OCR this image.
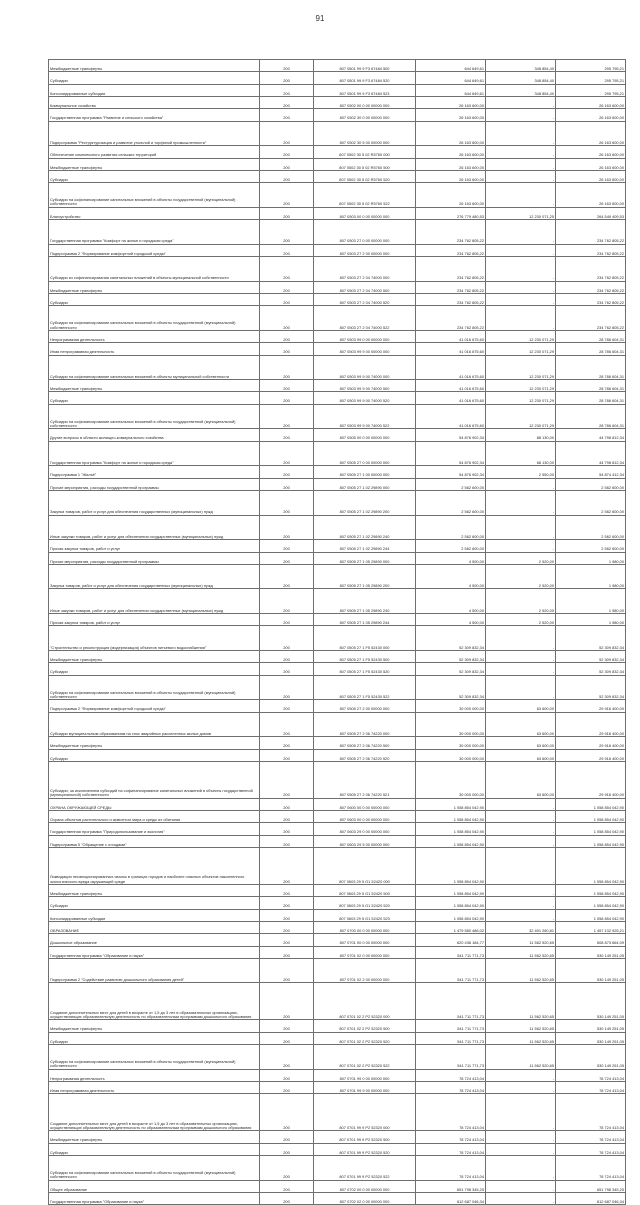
91
Межбюджетные трансферты	200	807 0501 99 9 F3 67484 500	644 649,61	348 854,40	295 795,21
Субсидии	200	807 0501 99 9 F3 67484 520	644 649,61	348 854,40	295 795,21
Консолидированные субсидии	200	807 0501 99 9 F3 67484 523	644 649,61	348 854,40	295 795,21
Коммунальное хозяйство	200	807 0502 00 0 00 00000 000	26 163 600,00	-	26 163 600,00
Государственная программа "Развитие и сельского хозяйства"	200	807 0502 30 0 00 00000 000	26 163 600,00	-	26 163 600,00
Подпрограмма "Реструктуризация и развитие угольной и торфяной промышленности"	200	807 0502 30 5 00 00000 000	26 163 600,00	-	26 163 600,00
Обеспечение комплексного развития сельских территорий	200	807 0502 30 5 02 R5760 000	26 163 600,00	-	26 163 600,00
Межбюджетные трансферты	200	807 0502 30 5 02 R5760 500	26 163 600,00	-	26 163 600,00
Субсидии	200	807 0502 30 5 02 R5760 520	26 163 600,00	-	26 163 600,00
Субсидии на софинансирование капитальных вложений в объекты государственной (муниципальной) собственности	200	807 0502 30 5 02 R5760 522	26 163 600,00	-	26 163 600,00
Благоустройство	200	807 0503 00 0 00 00000 000	276 779 480,53	12 230 071,25	264 549 409,53
Государственная программа "Комфорт на жилье и городская среда"	200	807 0503 27 0 00 00000 000	234 762 805,22	-	234 762 805,22
Подпрограмма 2 "Формирование комфортной городской среды"	200	807 0503 27 2 00 00000 000	234 762 805,22	-	234 762 805,22
Субсидии из софинансирования капитальных вложений в объекты муниципальной собственности	200	807 0503 27 2 04 74000 000	234 762 805,22	-	234 762 805,22
Межбюджетные трансферты	200	807 0503 27 2 04 74000 500	234 762 805,22	-	234 762 805,22
Субсидии	200	807 0503 27 2 04 74000 520	234 762 805,22	-	234 762 805,22
Субсидии на софинансирование капитальных вложений в объекты государственной (муниципальной) собственности	200	807 0503 27 2 04 74000 522	234 762 805,22	-	234 762 805,22
Непрограммная деятельность	200	807 0503 99 0 00 00000 000	41 016 675,60	12 230 071,29	28 786 604,31
Иная непрограммная деятельность	200	807 0503 99 9 00 00000 000	41 016 675,60	12 230 071,29	28 786 604,31
Субсидии на софинансирование капитальных вложений в объекты муниципальной собственности	200	807 0503 99 9 00 74000 000	41 016 675,60	12 230 071,29	28 786 604,31
Межбюджетные трансферты	200	807 0503 99 9 00 74000 500	41 016 675,60	12 230 071,29	28 786 604,31
Субсидии	200	807 0503 99 9 00 74000 520	41 016 675,60	12 230 071,29	28 786 604,31
Субсидии на софинансирование капитальных вложений в объекты государственной (муниципальной) собственности	200	807 0503 99 9 00 74000 522	41 016 675,60	12 230 071,29	28 786 604,31
Другие вопросы в области жилищно-коммунального хозяйства	200	807 0505 00 0 00 00000 000	54 876 902,34	88 130,00	44 798 812,34
Государственная программа "Комфорт на жилье и городская среда"	200	807 0505 27 0 00 00000 000	54 876 902,34	68 130,00	44 798 812,34
Подпрограмма 1 "Жильё"	200	807 0505 27 1 00 00000 000	54 876 902,34	2 550,00	54 874 412,34
Прочие мероприятия, расходы государственной программы	200	807 0505 27 1 02 29890 000	2 562 600,00	-	2 562 600,00
Закупка товаров, работ и услуг для обеспечения государственных (муниципальных) нужд	200	807 0505 27 1 02 29890 200	2 562 600,00	-	2 562 600,00
Иные закупки товаров, работ и услуг для обеспечения государственных (муниципальных) нужд	200	807 0505 27 1 02 29890 240	2 562 600,00	-	2 562 600,00
Прочая закупка товаров, работ и услуг	200	807 0505 27 1 02 29890 244	2 562 600,00	-	2 562 600,00
Прочие мероприятия, расходы государственной программы	200	807 0505 27 1 05 29890 000	4 500,00	2 520,00	1 980,00
Закупка товаров, работ и услуг для обеспечения государственных (муниципальных) нужд	200	807 0505 27 1 05 29890 200	4 500,00	2 520,00	1 980,00
Иные закупки товаров, работ и услуг для обеспечения государственных (муниципальных) нужд	200	807 0505 27 1 05 29890 240	4 500,00	2 520,00	1 980,00
Прочая закупка товаров, работ и услуг	200	807 0505 27 1 05 29890 244	4 500,00	2 520,00	1 980,00
"Строительство и реконструкция (модернизация) объектов питьевого водоснабжения"	200	807 0505 27 1 F5 52430 000	52 309 832,34	-	52 309 832,34
Межбюджетные трансферты	200	807 0505 27 1 F5 52430 500	52 309 832,34	-	52 309 832,34
Субсидии	200	807 0505 27 1 F5 52430 520	52 309 832,34	-	52 309 832,34
Субсидии на софинансирование капитальных вложений в объекты государственной (муниципальной) собственности	200	807 0505 27 1 F5 52430 522	52 309 832,34	-	52 309 832,34
Подпрограмма 2 "Формирование комфортной городской среды"	200	807 0505 27 2 00 00000 000	30 000 000,00	63 600,00	29 916 400,00
Субсидии муниципальным образованиям на снос аварийных расселенных жилых домов	200	807 0505 27 2 06 74220 000	30 000 000,00	63 600,00	29 916 400,00
Межбюджетные трансферты	200	807 0505 27 2 06 74220 500	30 000 000,00	63 600,00	29 916 400,00
Субсидии	200	807 0505 27 2 06 74220 520	30 000 000,00	63 600,00	29 916 400,00
Субсидии, за исключением субсидий на софинансирование капитальных вложений в объекты государственной (муниципальной) собственности	200	807 0505 27 2 06 74220 521	30 000 000,00	63 600,00	29 916 400,00
ОХРАНА ОКРУЖАЮЩЕЙ СРЕДЫ	200	807 0600 00 0 00 00000 000	1 058 854 042,90	-	1 058 854 042,90
Охрана объектов растительного и животного мира и среды их обитания	200	807 0603 00 0 00 00000 000	1 058 854 042,90	-	1 058 854 042,90
Государственная программа "Природопользование и экология"	200	807 0603 29 0 00 00000 000	1 058 854 042,90	-	1 058 854 042,90
Подпрограмма 5 "Обращение с отходами"	200	807 0603 29 5 00 00000 000	1 058 854 042,90	-	1 058 854 042,90
Ликвидация несанкционированных свалок в границах городов и наиболее опасных объектов накопленного экологического вреда окружающей среде	200	807 0603 29 5 G1 52420 000	1 058 854 042,90	-	1 058 854 042,90
Межбюджетные трансферты	200	807 0603 29 5 G1 52420 500	1 058 854 042,90	-	1 058 854 042,90
Субсидии	200	807 0603 29 5 G1 52420 520	1 058 854 042,90	-	1 058 854 042,90
Консолидированные субсидии	200	807 0603 29 5 G1 52420 523	1 058 854 042,90	-	1 058 854 042,90
ОБРАЗОВАНИЕ	200	807 0700 00 0 00 00000 000	1 479 580 486,02	32 491 260,81	1 457 132 925,21
Дошкольное образование	200	807 0701 00 0 00 00000 000	620 436 184,77	11 562 520,65	608 873 664,09
Государственная программа "Образование и наука"	200	807 0701 02 0 00 00000 000	541 711 771,73	11 562 520,65	530 149 251,05
Подпрограмма 2 "Содействие развитию дошкольного образования детей"	200	807 0701 02 2 00 00000 000	541 711 771,73	11 562 520,65	530 149 251,05
Создание дополнительных мест для детей в возрасте от 1,5 до 3 лет в образовательных организациях, осуществляющих образовательную деятельность по образовательным программам дошкольного образования	200	807 0701 02 2 P2 52320 000	541 711 771,73	11 562 520,65	530 149 251,05
Межбюджетные трансферты	200	807 0701 02 2 P2 52320 500	541 711 771,73	11 562 520,65	530 149 251,05
Субсидии	200	807 0701 02 2 P2 52320 520	541 711 771,73	11 562 520,65	530 149 251,05
Субсидии на софинансирование капитальных вложений в объекты государственной (муниципальной) собственности	200	807 0701 02 2 P2 52320 522	541 711 771,73	11 562 520,65	530 149 251,05
Непрограммная деятельность	200	807 0701 99 0 00 00000 000	78 724 413,04	-	78 724 413,04
Иная непрограммная деятельность	200	807 0701 99 9 00 00000 000	78 724 413,04	-	78 724 413,04
Создание дополнительных мест для детей в возрасте от 1,5 до 3 лет в образовательных организациях, осуществляющих образовательную деятельность по образовательным программам дошкольного образования	200	807 0701 99 9 P2 52320 000	78 724 413,04	-	78 724 413,04
Межбюджетные трансферты	200	807 0701 99 9 P2 52320 500	78 724 413,04	-	78 724 413,04
Субсидии	200	807 0701 99 9 P2 52320 520	78 724 413,04	-	78 724 413,04
Субсидии на софинансирование капитальных вложений в объекты государственной (муниципальной) собственности	200	807 0701 99 9 P2 52320 522	78 724 413,04	-	78 724 413,04
Общее образование	200	807 0702 00 0 00 00000 000	651 798 345,25	-	651 798 345,25
Государственная программа "Образование и наука"	200	807 0702 02 0 00 00000 000	612 687 046,34	-	612 687 046,34
